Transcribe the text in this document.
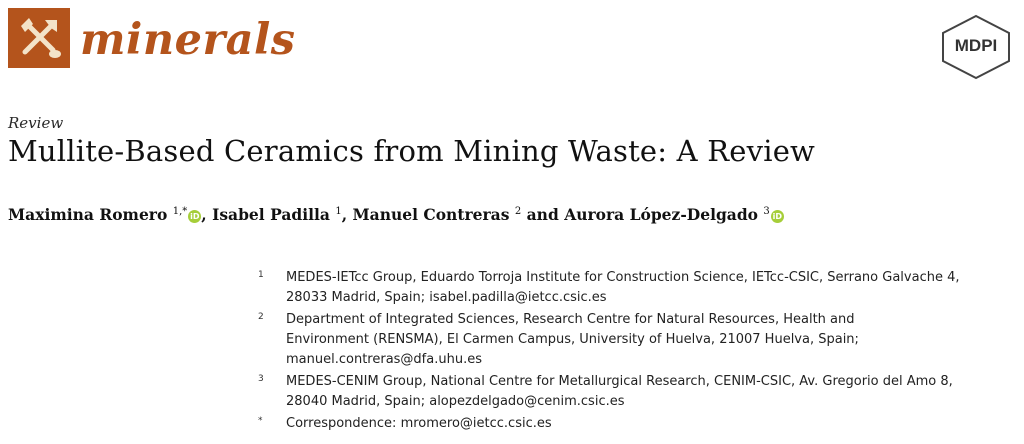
minerals	MDPI
Review
Mullite-Based Ceramics from Mining Waste: A Review
Maximina Romero $^{1,*}$ iD , Isabel Padilla $^1$, Manuel Contreras $^2$ and Aurora López-Delgado $^3$ iD
1 MEDES-IETcc Group, Eduardo Torroja Institute for Construction Science, IETcc-CSIC, Serrano Galvache 4,
28033 Madrid, Spain; isabel.padilla@ietcc.csic.es
2 Department of Integrated Sciences, Research Centre for Natural Resources, Health and
Environment (RENSMA), El Carmen Campus, University of Huelva, 21007 Huelva, Spain;
manuel.contreras@dfa.uhu.es
3 MEDES-CENIM Group, National Centre for Metallurgical Research, CENIM-CSIC, Av. Gregorio del Amo 8,
28040 Madrid, Spain; alopezdelgado@cenim.csic.es
* Correspondence: mromero@ietcc.csic.es
